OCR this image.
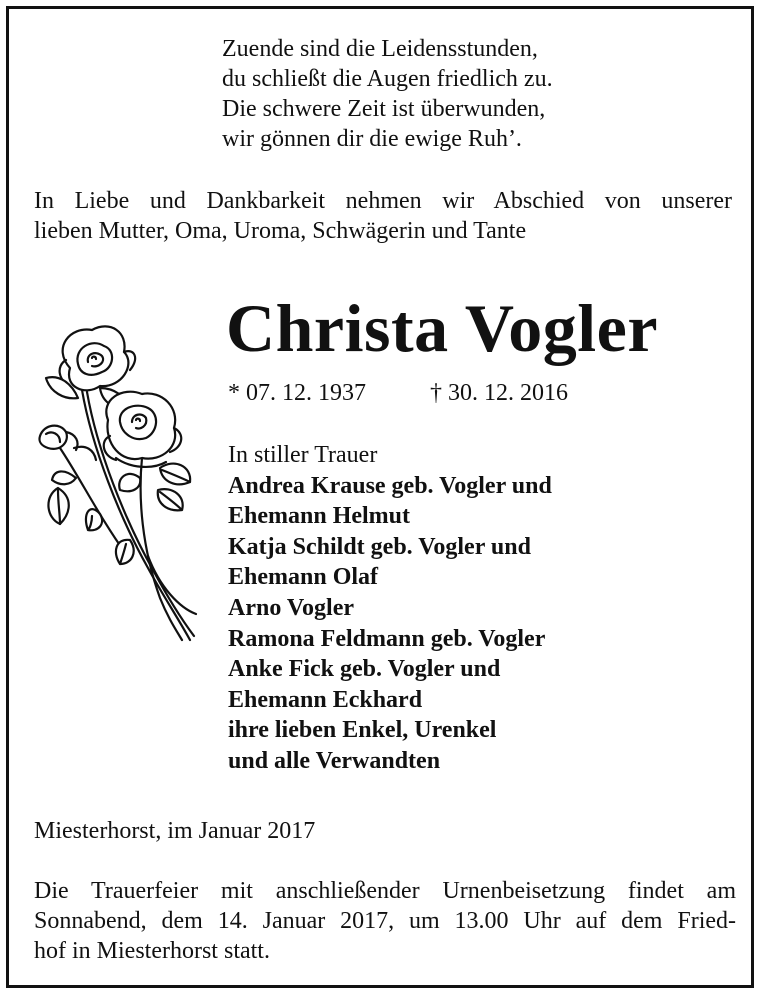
Zuende sind die Leidensstunden,
du schließt die Augen friedlich zu.
Die schwere Zeit ist überwunden,
wir gönnen dir die ewige Ruh’.
In Liebe und Dankbarkeit nehmen wir Abschied von unserer
lieben Mutter, Oma, Uroma, Schwägerin und Tante
Christa Vogler
* 07. 12. 1937	† 30. 12. 2016
In stiller Trauer
Andrea Krause geb. Vogler und
Ehemann Helmut
Katja Schildt geb. Vogler und
Ehemann Olaf
Arno Vogler
Ramona Feldmann geb. Vogler
Anke Fick geb. Vogler und
Ehemann Eckhard
ihre lieben Enkel, Urenkel
und alle Verwandten
Miesterhorst, im Januar 2017
Die Trauerfeier mit anschließender Urnenbeisetzung findet am
Sonnabend, dem 14. Januar 2017, um 13.00 Uhr auf dem Fried-
hof in Miesterhorst statt.
